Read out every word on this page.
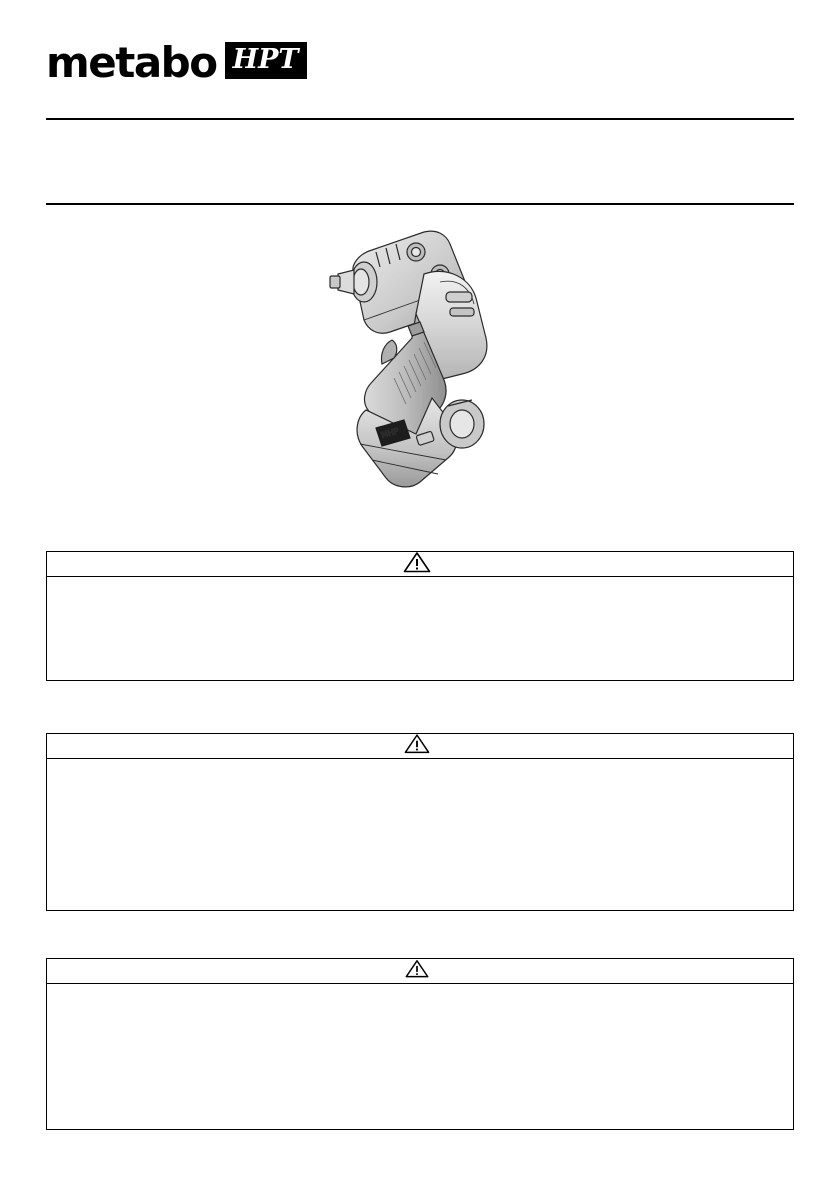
metabo HPT
MHP
